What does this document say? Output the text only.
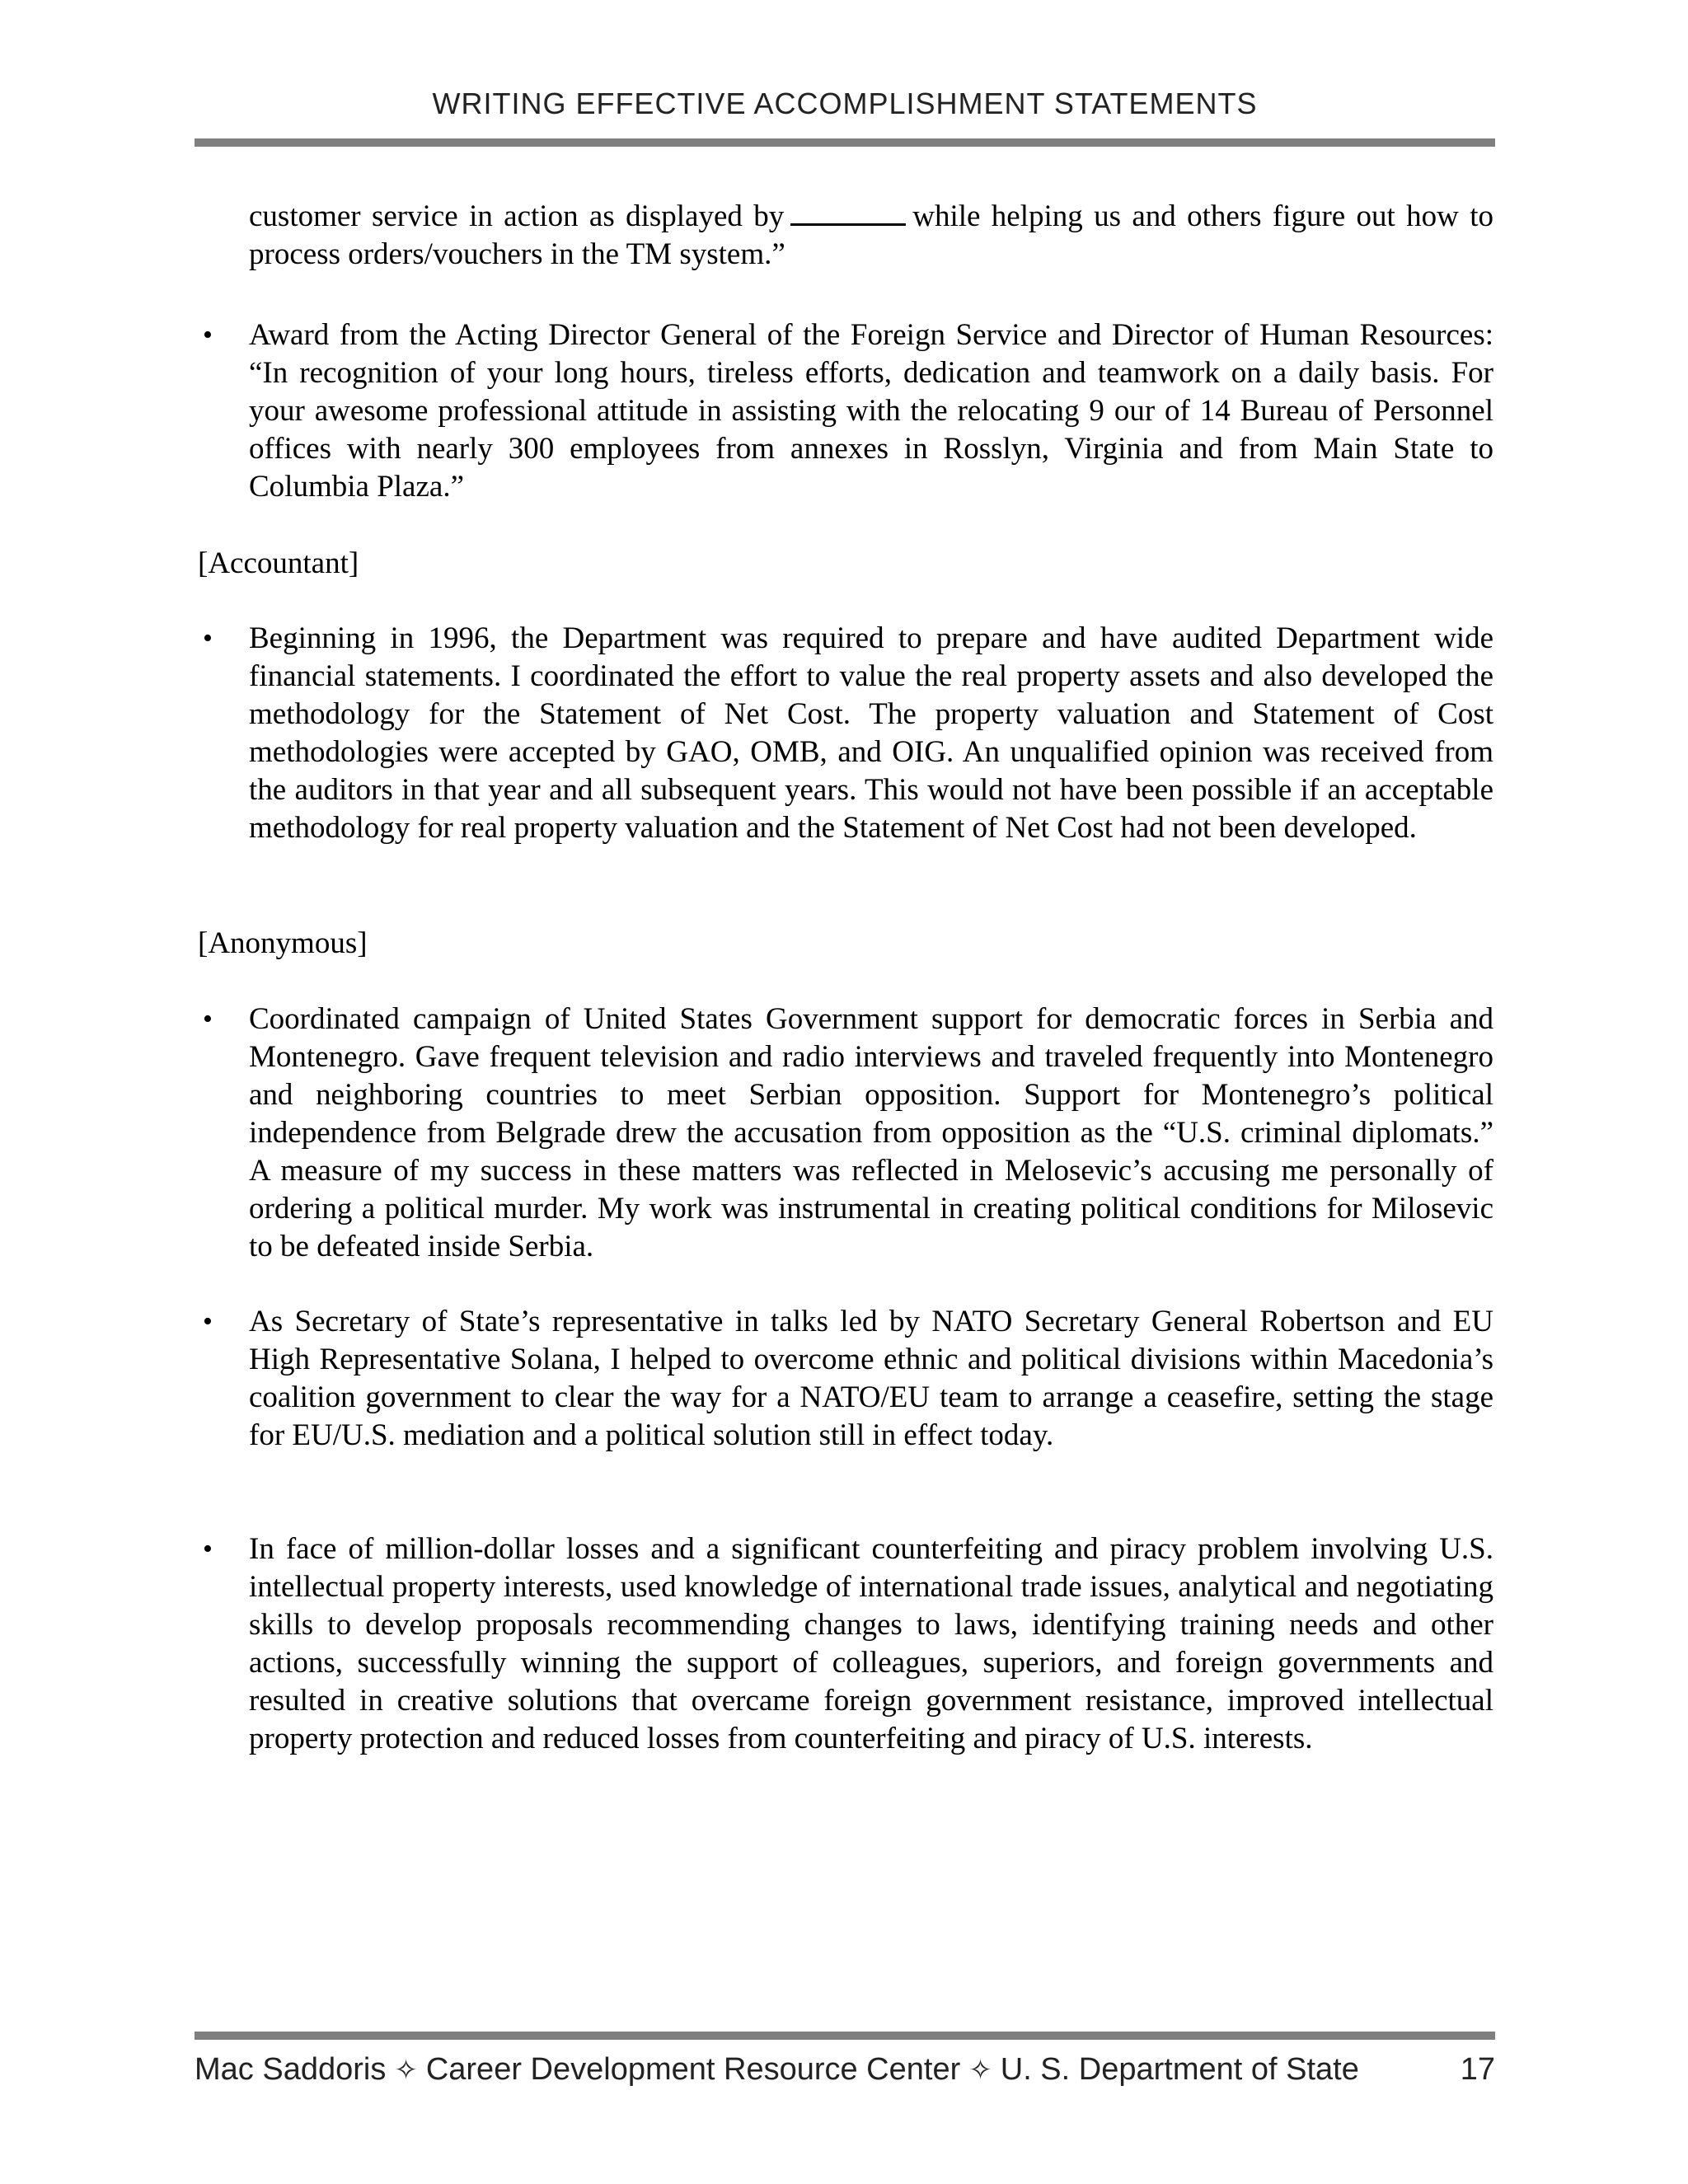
WRITING EFFECTIVE ACCOMPLISHMENT STATEMENTS
customer service in action as displayed by	while helping us and others figure out how to process orders/vouchers in the TM system.”
• Award from the Acting Director General of the Foreign Service and Director of Human Resources: “In recognition of your long hours, tireless efforts, dedication and teamwork on a daily basis. For your awesome professional attitude in assisting with the relocating 9 our of 14 Bureau of Personnel offices with nearly 300 employees from annexes in Rosslyn, Virginia and from Main State to Columbia Plaza.”
[Accountant]
• Beginning in 1996, the Department was required to prepare and have audited Department wide financial statements. I coordinated the effort to value the real property assets and also developed the methodology for the Statement of Net Cost. The property valuation and Statement of Cost methodologies were accepted by GAO, OMB, and OIG. An unqualified opinion was received from the auditors in that year and all subsequent years. This would not have been possible if an acceptable methodology for real property valuation and the Statement of Net Cost had not been developed.
[Anonymous]
• Coordinated campaign of United States Government support for democratic forces in Serbia and Montenegro. Gave frequent television and radio interviews and traveled frequently into Montenegro and neighboring countries to meet Serbian opposition. Support for Montenegro’s political independence from Belgrade drew the accusation from opposition as the “U.S. criminal diplomats.” A measure of my success in these matters was reflected in Melosevic’s accusing me personally of ordering a political murder. My work was instrumental in creating political conditions for Milosevic to be defeated inside Serbia.
• As Secretary of State’s representative in talks led by NATO Secretary General Robertson and EU High Representative Solana, I helped to overcome ethnic and political divisions within Macedonia’s coalition government to clear the way for a NATO/EU team to arrange a ceasefire, setting the stage for EU/U.S. mediation and a political solution still in effect today.
• In face of million-dollar losses and a significant counterfeiting and piracy problem involving U.S. intellectual property interests, used knowledge of international trade issues, analytical and negotiating skills to develop proposals recommending changes to laws, identifying training needs and other actions, successfully winning the support of colleagues, superiors, and foreign governments and resulted in creative solutions that overcame foreign government resistance, improved intellectual property protection and reduced losses from counterfeiting and piracy of U.S. interests.
Mac Saddoris ✧ Career Development Resource Center ✧ U. S. Department of State	17
